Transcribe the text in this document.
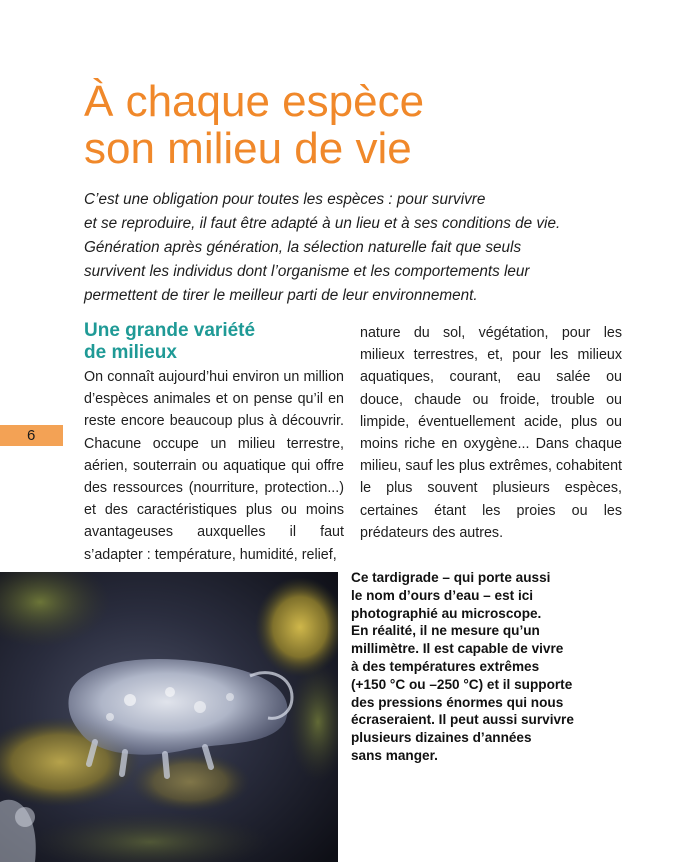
À chaque espèce
son milieu de vie

C’est une obligation pour toutes les espèces : pour survivre
et se reproduire, il faut être adapté à un lieu et à ses conditions de vie.
Génération après génération, la sélection naturelle fait que seuls
survivent les individus dont l’organisme et les comportements leur
permettent de tirer le meilleur parti de leur environnement.

Une grande variété
de milieux

On connaît aujourd’hui environ un million d’espèces animales et on pense qu’il en reste encore beaucoup plus à découvrir. Chacune occupe un milieu terrestre, aérien, souterrain ou aquatique qui offre des ressources (nourriture, protection...) et des caractéristiques plus ou moins avantageuses auxquelles il faut s’adapter : température, humidité, relief,

nature du sol, végétation, pour les milieux terrestres, et, pour les milieux aquatiques, courant, eau salée ou douce, chaude ou froide, trouble ou limpide, éventuellement acide, plus ou moins riche en oxygène... Dans chaque milieu, sauf les plus extrêmes, cohabitent le plus souvent plusieurs espèces, certaines étant les proies ou les prédateurs des autres.

6

Ce tardigrade – qui porte aussi
le nom d’ours d’eau – est ici
photographié au microscope.
En réalité, il ne mesure qu’un
millimètre. Il est capable de vivre
à des températures extrêmes
(+150 °C ou –250 °C) et il supporte
des pressions énormes qui nous
écraseraient. Il peut aussi survivre
plusieurs dizaines d’années
sans manger.
